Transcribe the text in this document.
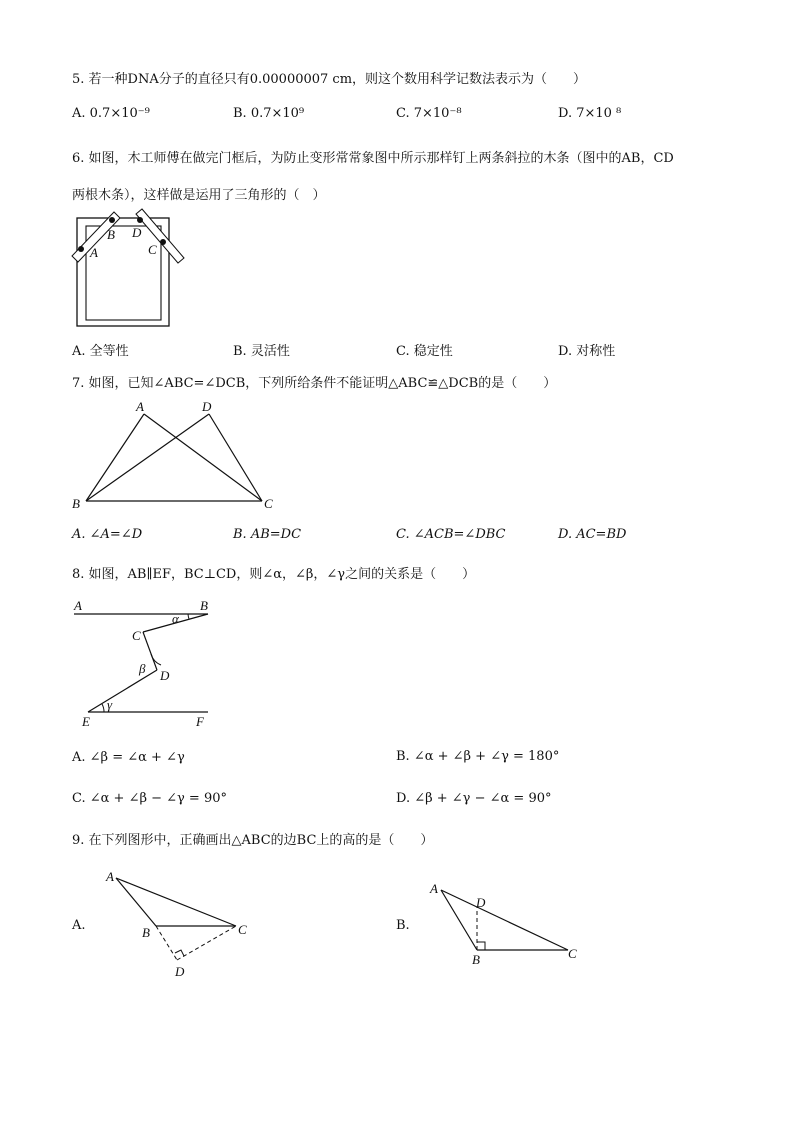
5. 若一种DNA分子的直径只有0.00000007 cm，则这个数用科学记数法表示为（　　）
A. 0.7×10⁻⁹	B. 0.7×10⁹	C. 7×10⁻⁸	D. 7×10 ⁸
6. 如图，木工师傅在做完门框后，为防止变形常常象图中所示那样钉上两条斜拉的木条（图中的AB，CD
两根木条），这样做是运用了三角形的（　）
A
B
C
D
A. 全等性	B. 灵活性	C. 稳定性	D. 对称性
7. 如图，已知∠ABC=∠DCB，下列所给条件不能证明△ABC≌△DCB的是（　　）
A	D
B	C
A. ∠A=∠D	B. AB=DC	C. ∠ACB=∠DBC	D. AC=BD
8. 如图，AB∥EF，BC⊥CD，则∠α，∠β，∠γ之间的关系是（　　）
A	B
C
D
E	F
α
β
γ
A. ∠β = ∠α + ∠γ	B. ∠α + ∠β + ∠γ = 180°
C. ∠α + ∠β − ∠γ = 90°	D. ∠β + ∠γ − ∠α = 90°
9. 在下列图形中，正确画出△ABC的边BC上的高的是（　　）
A.
A
B	C
D
B.
A
D
B	C
